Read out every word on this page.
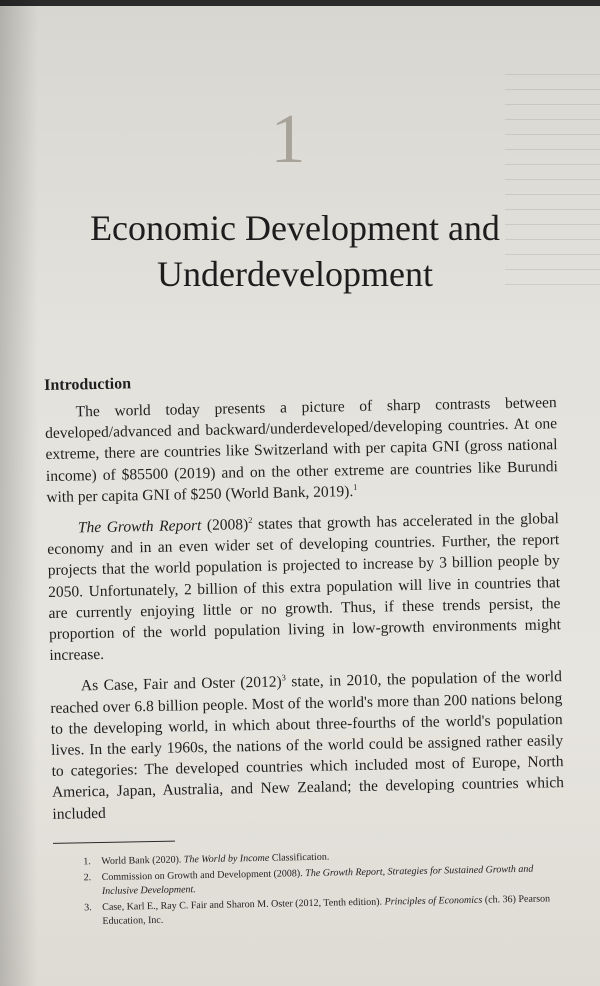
1
Economic Development and
Underdevelopment
Introduction

The world today presents a picture of sharp contrasts between developed/advanced and backward/underdeveloped/developing countries. At one extreme, there are countries like Switzerland with per capita GNI (gross national income) of $85500 (2019) and on the other extreme are countries like Burundi with per capita GNI of $250 (World Bank, 2019).$^1$

The Growth Report $(2008)^2$ states that growth has accelerated in the global economy and in an even wider set of developing countries. Further, the report projects that the world population is projected to increase by 3 billion people by 2050. Unfortunately, 2 billion of this extra population will live in countries that are currently enjoying little or no growth. Thus, if these trends persist, the proportion of the world population living in low-growth environments might increase.

As Case, Fair and Oster $(2012)^3$ state, in 2010, the population of the world reached over 6.8 billion people. Most of the world's more than 200 nations belong to the developing world, in which about three-fourths of the world's population lives. In the early 1960s, the nations of the world could be assigned rather easily to categories: The developed countries which included most of Europe, North America, Japan, Australia, and New Zealand; the developing countries which included

1.	World Bank (2020). The World by Income Classification.
2.	Commission on Growth and Development (2008). The Growth Report, Strategies for Sustained Growth and Inclusive Development.
3.	Case, Karl E., Ray C. Fair and Sharon M. Oster (2012, Tenth edition). Principles of Economics (ch. 36) Pearson Education, Inc.
